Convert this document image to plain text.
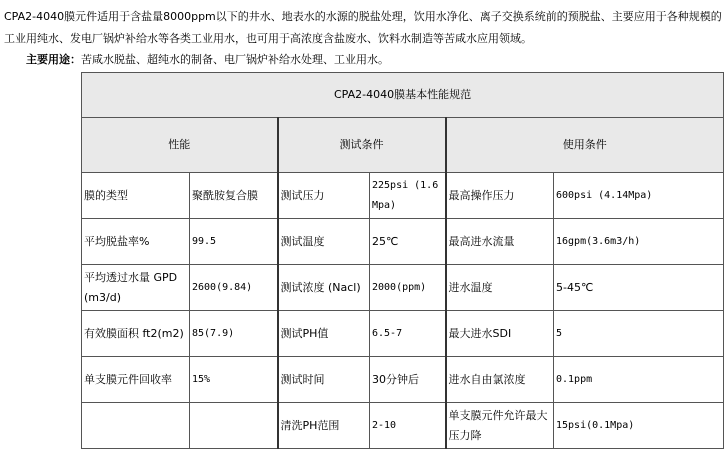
CPA2-4040膜元件适用于含盐量8000ppm以下的井水、地表水的水源的脱盐处理，饮用水净化、离子交换系统前的预脱盐、主要应用于各种规模的工业用纯水、发电厂锅炉补给水等各类工业用水，也可用于高浓度含盐废水、饮料水制造等苦咸水应用领域。
主要用途：苦咸水脱盐、超纯水的制备、电厂锅炉补给水处理、工业用水。
CPA2-4040膜基本性能规范					
性能		测试条件		使用条件	
膜的类型	聚酰胺复合膜	测试压力	225psi (1.6Mpa)	最高操作压力	600psi (4.14Mpa)
平均脱盐率%	99.5	测试温度	25℃	最高进水流量	16gpm(3.6m3/h)
平均透过水量 GPD(m3/d)	2600(9.84)	测试浓度 (Nacl)	2000(ppm)	进水温度	5-45℃
有效膜面积 ft2(m2)	85(7.9)	测试PH值	6.5-7	最大进水SDI	5
单支膜元件回收率	15%	测试时间	30分钟后	进水自由氯浓度	0.1ppm
		清洗PH范围	2-10	单支膜元件允许最大压力降	15psi(0.1Mpa)
